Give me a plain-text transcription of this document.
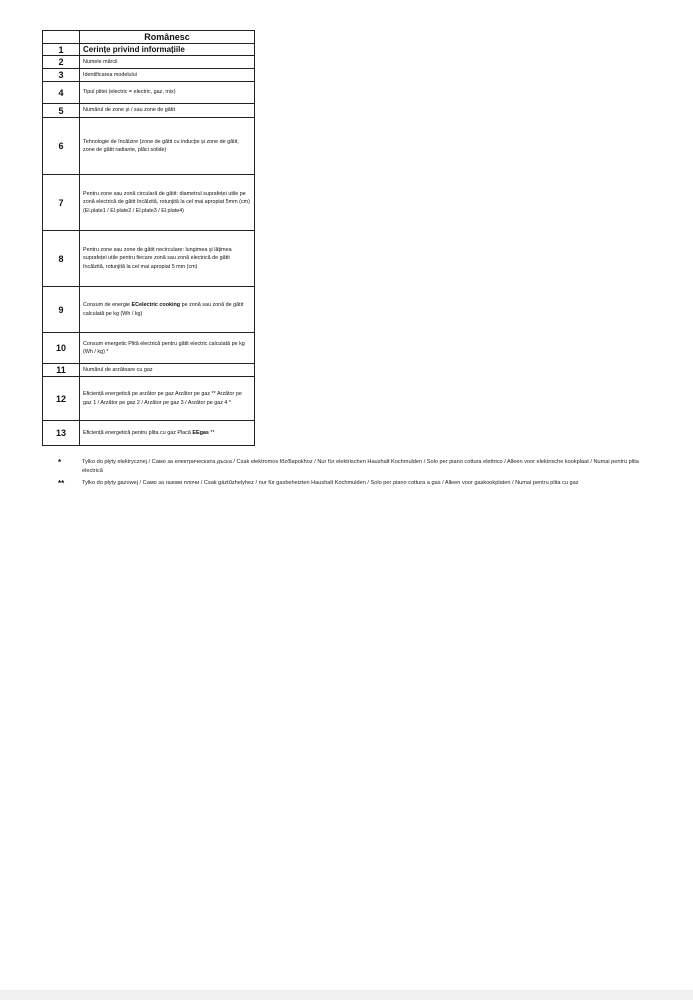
	Românesc
1	Cerințe privind informațiile
2	Numele mărcii
3	Identificarea modelului
4	Tipul plitei (electric = electric, gaz, mix)
5	Numărul de zone și / sau zone de gătit
6	Tehnologie de încălzire (zone de gătit cu inducție și zone de gătit, zone de gătit radiante, plăci solide)
7	Pentru zone sau zonă circulară de gătit: diametrul suprafeței utile pe zonă electrică de gătit încălzită, rotunjită la cel mai apropiat 5mm (cm) (El.plate1 / El.plate2 / El.plate3 / El.plate4)
8	Pentru zone sau zone de gătit necirculare: lungimea și lățimea suprafeței utile pentru fiecare zonă sau zonă electrică de gătit încălzită, rotunjită la cel mai apropiat 5 mm (cm)
9	Consum de energie ECelectric cooking pe zonă sau zonă de gătit calculată pe kg (Wh / kg)
10	Consum energetic Plită electrică pentru gătit electric calculată pe kg (Wh / kg) *
11	Numărul de arzătoare cu gaz
12	Eficiență energetică pe arzător pe gaz Arzător pe gaz ** Arzător pe gaz 1 / Arzător pe gaz 2 / Arzător pe gaz 3 / Arzător pe gaz 4 *
13	Eficiență energetică pentru plita cu gaz Placă EEgas **
*	Tylko do płyty elektrycznej / Само за електрическата дъска / Csak elektromos főzőlapokhoz / Nur für elektrischen Haushalt Kochmulden / Solo per piano cottura elettrico / Alleen voor elektrische kookplaat / Numai pentru plita electrică
**	Tylko do płyty gazowej / Само за газови плочи / Csak gáztűzhelyhez / nur für gasbeheizten Haushalt Kochmulden / Solo per piano cottura a gas / Alleen voor gaskookplaten / Numai pentru plita cu gaz
